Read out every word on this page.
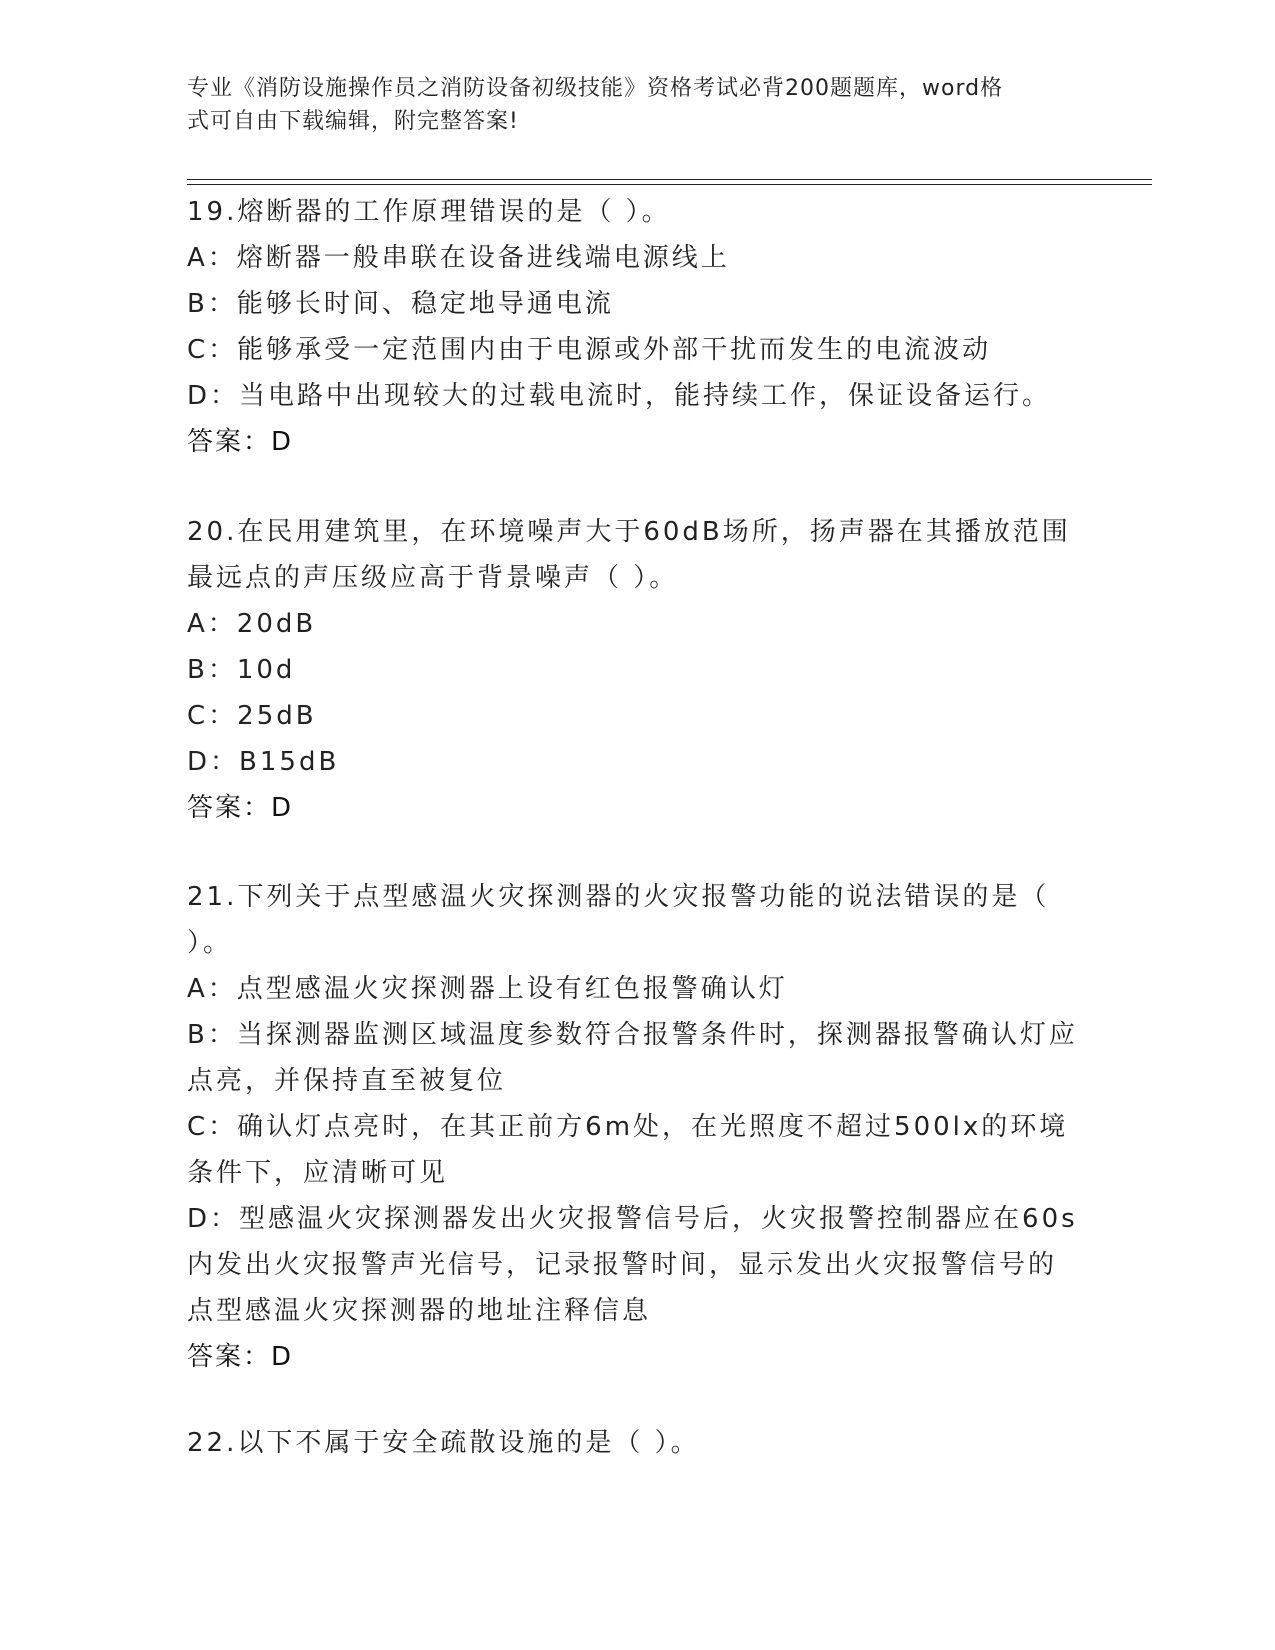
专业《消防设施操作员之消防设备初级技能》资格考试必背200题题库，word格
式可自由下载编辑，附完整答案!
19.熔断器的工作原理错误的是（ ）。
A：熔断器一般串联在设备进线端电源线上
B：能够长时间、稳定地导通电流
C：能够承受一定范围内由于电源或外部干扰而发生的电流波动
D：当电路中出现较大的过载电流时，能持续工作，保证设备运行。
答案：D
20.在民用建筑里，在环境噪声大于60dB场所，扬声器在其播放范围
最远点的声压级应高于背景噪声（ ）。
A：20dB
B：10d
C：25dB
D：B15dB
答案：D
21.下列关于点型感温火灾探测器的火灾报警功能的说法错误的是（
）。
A：点型感温火灾探测器上设有红色报警确认灯
B：当探测器监测区域温度参数符合报警条件时，探测器报警确认灯应
点亮，并保持直至被复位
C：确认灯点亮时，在其正前方6m处，在光照度不超过500lx的环境
条件下，应清晰可见
D：型感温火灾探测器发出火灾报警信号后，火灾报警控制器应在60s
内发出火灾报警声光信号，记录报警时间，显示发出火灾报警信号的
点型感温火灾探测器的地址注释信息
答案：D
22.以下不属于安全疏散设施的是（ ）。
